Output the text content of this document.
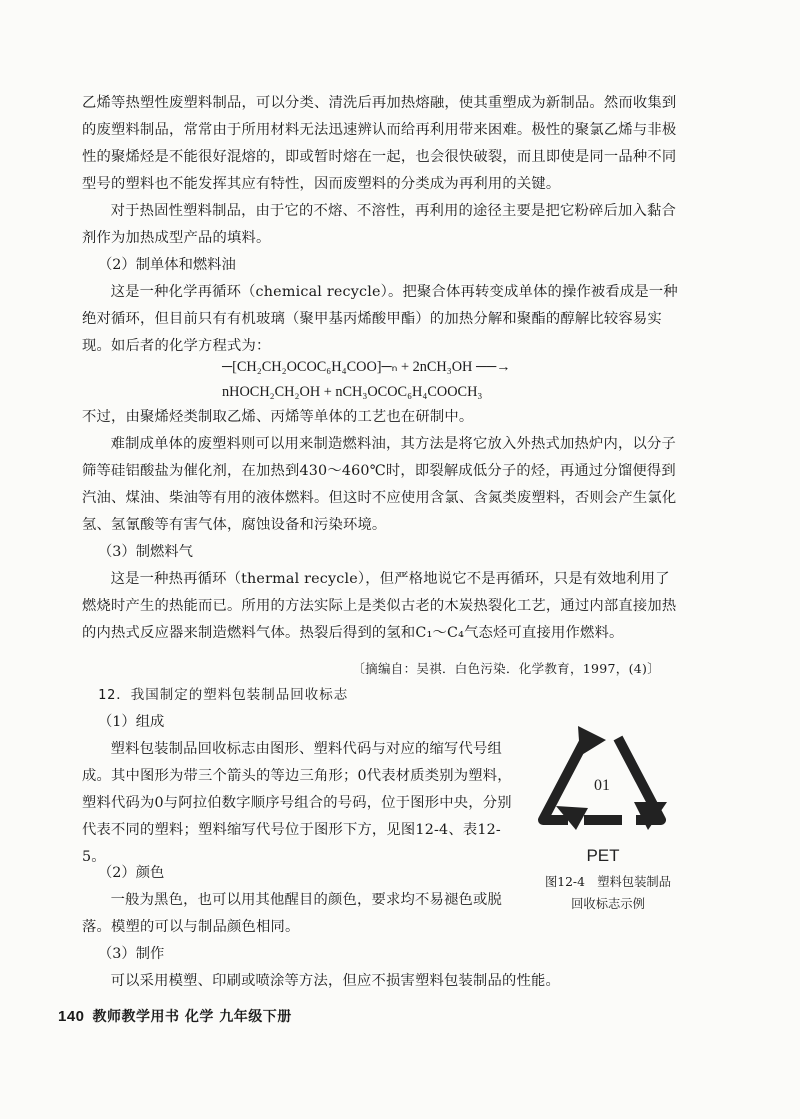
乙烯等热塑性废塑料制品，可以分类、清洗后再加热熔融，使其重塑成为新制品。然而收集到的废塑料制品，常常由于所用材料无法迅速辨认而给再利用带来困难。极性的聚氯乙烯与非极性的聚烯烃是不能很好混熔的，即或暂时熔在一起，也会很快破裂，而且即使是同一品种不同型号的塑料也不能发挥其应有特性，因而废塑料的分类成为再利用的关键。

对于热固性塑料制品，由于它的不熔、不溶性，再利用的途径主要是把它粉碎后加入黏合剂作为加热成型产品的填料。

（2）制单体和燃料油

这是一种化学再循环（chemical recycle）。把聚合体再转变成单体的操作被看成是一种绝对循环，但目前只有有机玻璃（聚甲基丙烯酸甲酯）的加热分解和聚酯的醇解比较容易实现。如后者的化学方程式为：

─[CH₂CH₂OCOC₆H₄COO]─ₙ + 2nCH₃OH ──→
nHOCH₂CH₂OH + nCH₃OCOC₆H₄COOCH₃

不过，由聚烯烃类制取乙烯、丙烯等单体的工艺也在研制中。

难制成单体的废塑料则可以用来制造燃料油，其方法是将它放入外热式加热炉内，以分子筛等硅铝酸盐为催化剂，在加热到430～460℃时，即裂解成低分子的烃，再通过分馏便得到汽油、煤油、柴油等有用的液体燃料。但这时不应使用含氯、含氮类废塑料，否则会产生氯化氢、氢氰酸等有害气体，腐蚀设备和污染环境。

（3）制燃料气

这是一种热再循环（thermal recycle），但严格地说它不是再循环，只是有效地利用了燃烧时产生的热能而已。所用的方法实际上是类似古老的木炭热裂化工艺，通过内部直接加热的内热式反应器来制造燃料气体。热裂后得到的氢和C₁～C₄气态烃可直接用作燃料。

〔摘编自：吴祺．白色污染．化学教育，1997，(4)〕
12．我国制定的塑料包装制品回收标志

（1）组成

塑料包装制品回收标志由图形、塑料代码与对应的缩写代号组成。其中图形为带三个箭头的等边三角形；0代表材质类别为塑料，塑料代码为0与阿拉伯数字顺序号组合的号码，位于图形中央，分别代表不同的塑料；塑料缩写代号位于图形下方，见图12-4、表12-5。

（2）颜色

一般为黑色，也可以用其他醒目的颜色，要求均不易褪色或脱落。模塑的可以与制品颜色相同。

（3）制作

可以采用模塑、印刷或喷涂等方法，但应不损害塑料包装制品的性能。

01
PET
图12-4　塑料包装制品
回收标志示例
140 教师教学用书 化学 九年级下册
